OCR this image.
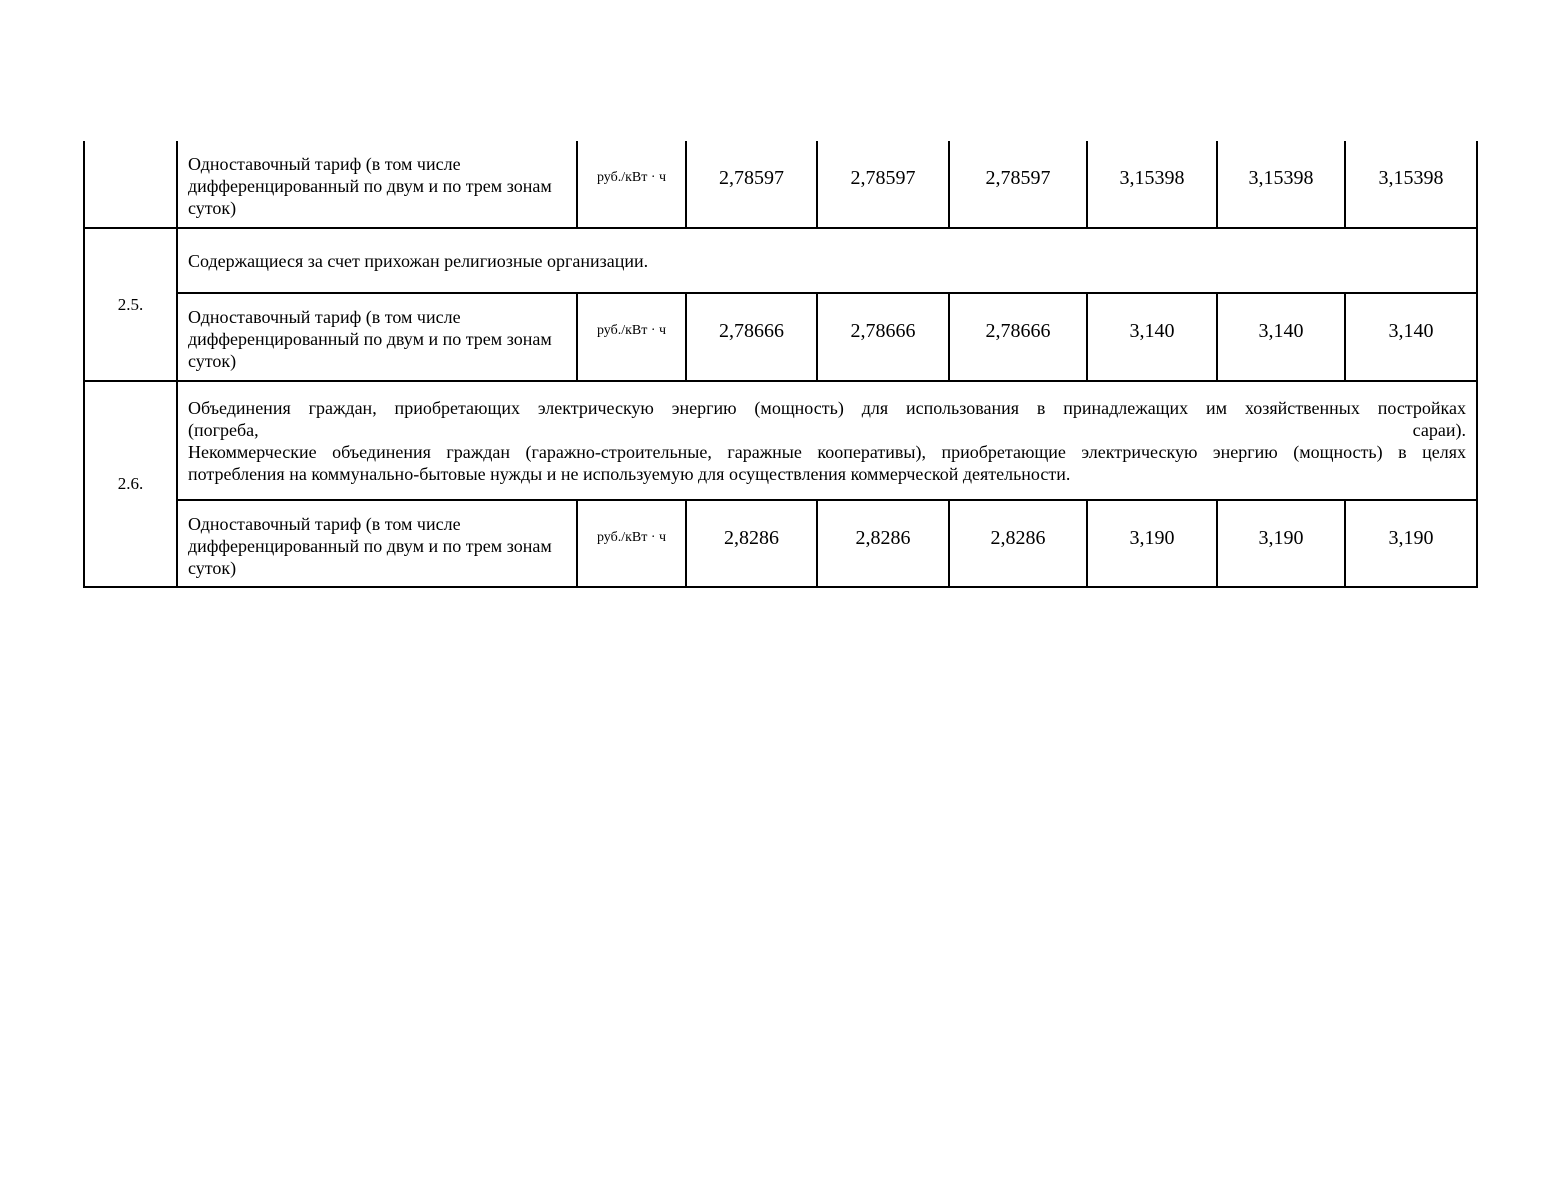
	Одноставочный тариф (в том числе дифференцированный по двум и по трем зонам суток)	руб./кВт · ч	2,78597	2,78597	2,78597	3,15398	3,15398	3,15398
2.5.	Содержащиеся за счет прихожан религиозные организации.							

	Одноставочный тариф (в том числе дифференцированный по двум и по трем зонам суток)	руб./кВт · ч	2,78666	2,78666	2,78666	3,140	3,140	3,140
2.6.	Объединения граждан, приобретающих электрическую энергию (мощность) для использования в принадлежащих им хозяйственных постройках
(погреба, сараи).
Некоммерческие объединения граждан (гаражно-строительные, гаражные кооперативы), приобретающие электрическую энергию (мощность) в целях
потребления на коммунально-бытовые нужды и не используемую для осуществления коммерческой деятельности.							

	Одноставочный тариф (в том числе дифференцированный по двум и по трем зонам суток)	руб./кВт · ч	2,8286	2,8286	2,8286	3,190	3,190	3,190
